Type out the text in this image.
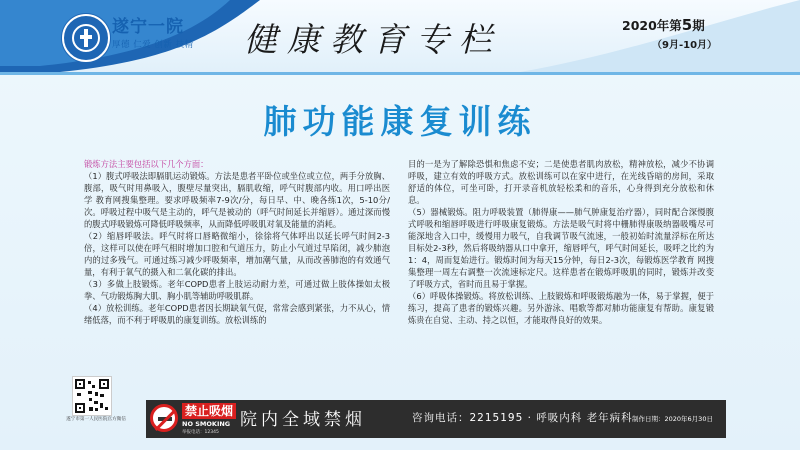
遂宁一院
厚德 仁爱 创新 技精 健康教育专栏	2020年第5期
（9月-10月）
肺功能康复训练

锻炼方法主要包括以下几个方面：

（1）腹式呼吸法即膈肌运动锻炼。方法是患者平卧位或坐位或立位，两手分放胸、腹部，吸气时用鼻吸入，腹壁尽量突出，膈肌收缩，呼气时腹部内收。用口呼出医学 教育网搜集整理。要求呼吸频率7-9次/分，每日早、中、晚各练1次，5-10分/次。呼吸过程中吸气是主动的，呼气是被动的（呼气时间延长并缩唇）。通过深而慢的腹式呼吸锻炼可降低呼吸频率，从而降低呼吸肌对氧及能量的消耗。

（2）缩唇呼吸法。呼气时将口唇略微缩小，徐徐将气体呼出以延长呼气时间2-3倍，这样可以使在呼气相时增加口腔和气道压力，防止小气道过早陷闭，减少肺泡内的过多残气。可通过练习减少呼吸频率，增加潮气量，从而改善肺泡的有效通气量，有利于氧气的摄入和二氧化碳的排出。

（3）多做上肢锻炼。老年COPD患者上肢运动耐力差，可通过做上肢体操如太极拳、气功锻炼胸大肌、胸小肌等辅助呼吸肌群。

（4）放松训练。老年COPD患者因长期缺氧气促，常常会感到紧张，力不从心，情绪低落，而不利于呼吸肌的康复训练。放松训练的

目的一是为了解除恐惧和焦虑不安；二是使患者肌肉放松，精神放松，减少不协调呼吸，建立有效的呼吸方式。放松训练可以在家中进行，在光线昏暗的房间，采取舒适的体位，可坐可卧，打开录音机放轻松柔和的音乐，心身得到充分放松和休息。

（5）器械锻炼。阻力呼吸装置（肺得康——肺气肿康复治疗器），同时配合深慢腹式呼吸和缩唇呼吸进行呼吸康复锻炼。方法是吸气时将中栅肺得康吸纳器吸嘴尽可能深地含入口中，缓慢用力吸气，自我调节吸气流速，一般初始时流量浮标在所达目标处2-3秒，然后将吸纳器从口中拿开，缩唇呼气，呼气时间延长，吸呼之比约为1：4，周而复始进行。锻炼时间为每天15分钟，每日2-3次，每锻炼医学教育 网搜集整理一周左右调整一次流速标定尺。这样患者在锻炼呼吸肌的同时，锻炼并改变了呼吸方式，省时而且易于掌握。

（6）呼吸体操锻炼。将放松训练、上肢锻炼和呼吸锻炼融为一体，易于掌握，便于练习，提高了患者的锻炼兴趣。另外游泳、唱歌等都对肺功能康复有帮助。康复锻炼贵在自觉、主动、持之以恒，才能取得良好的效果。

遂宁市第一人民医院官方微信
禁止吸烟
NO SMOKING
举报电话：12345
院内全域禁烟	咨询电话：2215195 · 呼吸内科 老年病科 制作日期：2020年6月30日
